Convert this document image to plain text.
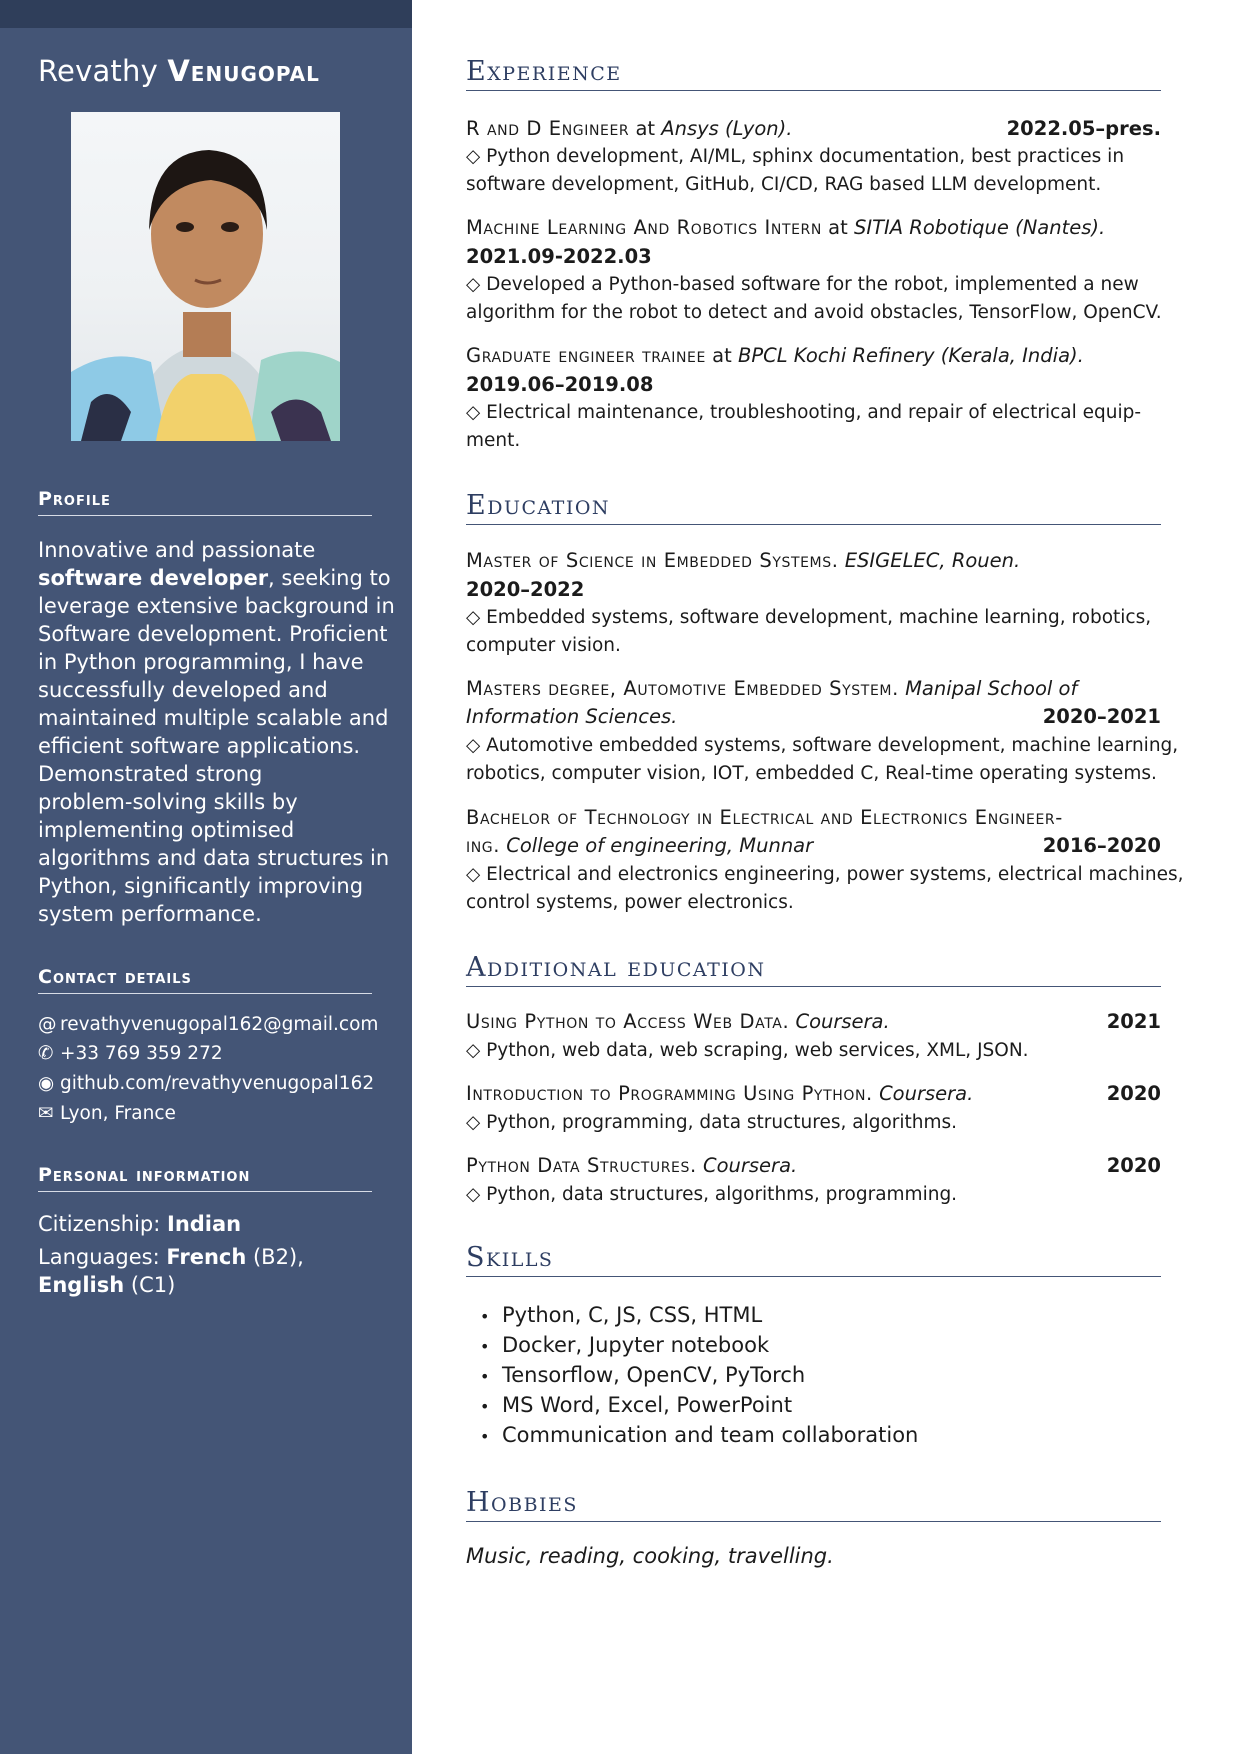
Revathy Venugopal
Profile
Innovative and passionate
software developer, seeking to
leverage extensive background in
Software development. Proficient
in Python programming, I have
successfully developed and
maintained multiple scalable and
efficient software applications.
Demonstrated strong
problem-solving skills by
implementing optimised
algorithms and data structures in
Python, significantly improving
system performance.
Contact details
@ revathyvenugopal162@gmail.com
✆ +33 769 359 272
◉ github.com/revathyvenugopal162
✉ Lyon, France
Personal information
Citizenship: Indian
Languages: French (B2),
English (C1)
Experience
R and D Engineer at Ansys (Lyon).	2022.05–pres.
◇ Python development, AI/ML, sphinx documentation, best practices in
software development, GitHub, CI/CD, RAG based LLM development.
Machine Learning And Robotics Intern at SITIA Robotique (Nantes).
2021.09-2022.03
◇ Developed a Python-based software for the robot, implemented a new
algorithm for the robot to detect and avoid obstacles, TensorFlow, OpenCV.
Graduate engineer trainee at BPCL Kochi Refinery (Kerala, India).
2019.06–2019.08
◇ Electrical maintenance, troubleshooting, and repair of electrical equip-
ment.
Education
Master of Science in Embedded Systems. ESIGELEC, Rouen.
2020–2022
◇ Embedded systems, software development, machine learning, robotics,
computer vision.
Masters degree, Automotive Embedded System. Manipal School of
Information Sciences.	2020–2021
◇ Automotive embedded systems, software development, machine learning,
robotics, computer vision, IOT, embedded C, Real-time operating systems.
Bachelor of Technology in Electrical and Electronics Engineer-
ing. College of engineering, Munnar	2016–2020
◇ Electrical and electronics engineering, power systems, electrical machines,
control systems, power electronics.
Additional education
Using Python to Access Web Data. Coursera.	2021
◇ Python, web data, web scraping, web services, XML, JSON.
Introduction to Programming Using Python. Coursera.	2020
◇ Python, programming, data structures, algorithms.
Python Data Structures. Coursera.	2020
◇ Python, data structures, algorithms, programming.
Skills
• Python, C, JS, CSS, HTML
• Docker, Jupyter notebook
• Tensorflow, OpenCV, PyTorch
• MS Word, Excel, PowerPoint
• Communication and team collaboration
Hobbies
Music, reading, cooking, travelling.
